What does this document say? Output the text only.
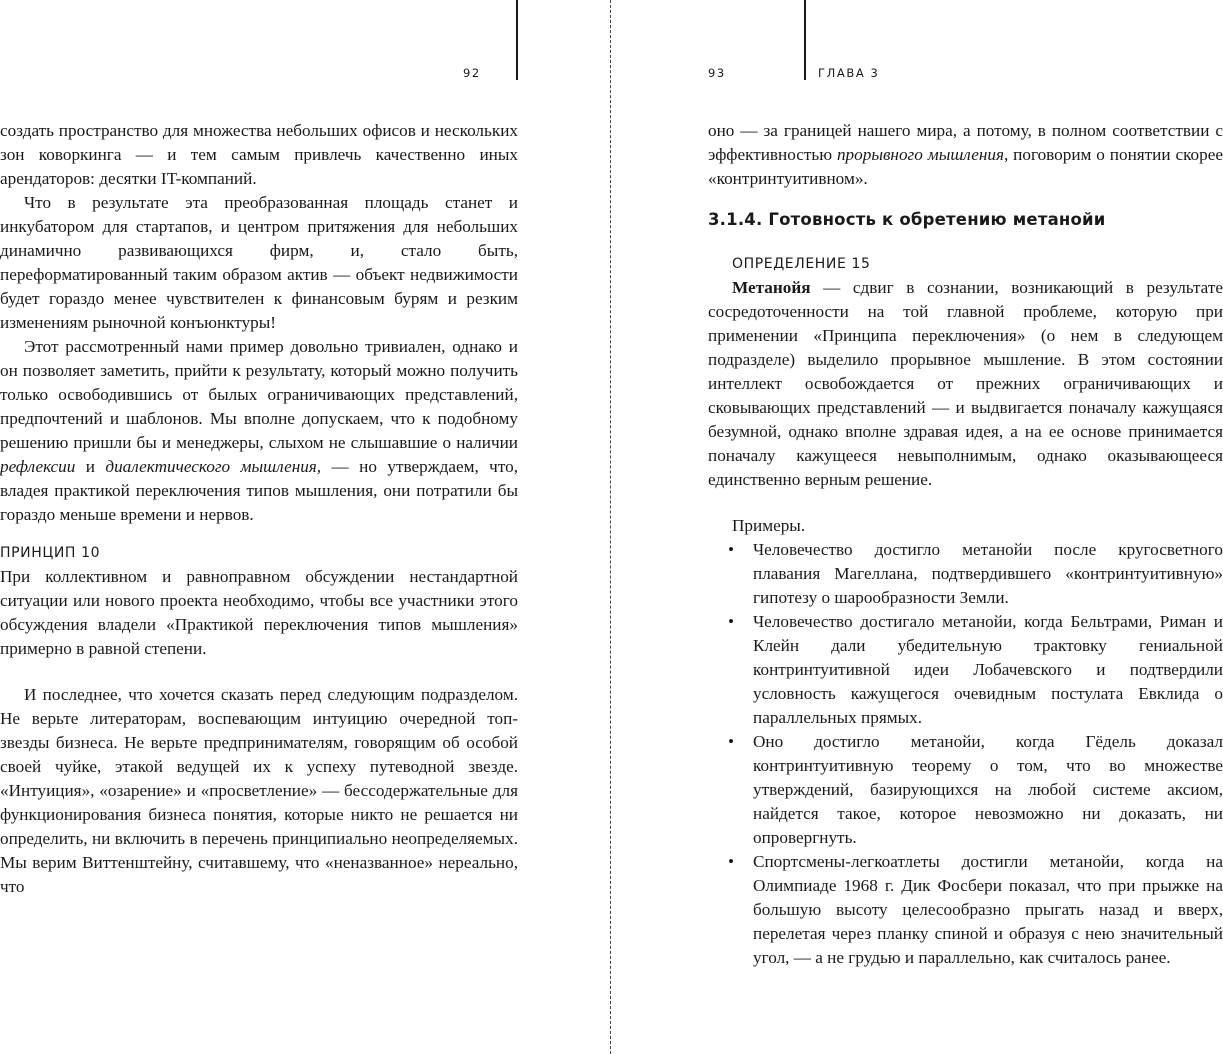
92

создать пространство для множества небольших офисов и нескольких зон коворкинга — и тем самым привлечь качественно иных арендаторов: десятки IT-компаний.

Что в результате эта преобразованная площадь станет и инкубатором для стартапов, и центром притяжения для небольших динамично развивающихся фирм, и, стало быть, переформатированный таким образом актив — объект недвижимости будет гораздо менее чувствителен к финансовым бурям и резким изменениям рыночной конъюнктуры!

Этот рассмотренный нами пример довольно тривиален, однако и он позволяет заметить, прийти к результату, который можно получить только освободившись от былых ограничивающих представлений, предпочтений и шаблонов. Мы вполне допускаем, что к подобному решению пришли бы и менеджеры, слыхом не слышавшие о наличии рефлексии и диалектического мышления, — но утверждаем, что, владея практикой переключения типов мышления, они потратили бы гораздо меньше времени и нервов.

ПРИНЦИП 10

При коллективном и равноправном обсуждении нестандартной ситуации или нового проекта необходимо, чтобы все участники этого обсуждения владели «Практикой переключения типов мышления» примерно в равной степени.

И последнее, что хочется сказать перед следующим подразделом. Не верьте литераторам, воспевающим интуицию очередной топ-звезды бизнеса. Не верьте предпринимателям, говорящим об особой своей чуйке, этакой ведущей их к успеху путеводной звезде. «Интуиция», «озарение» и «просветление» — бессодержательные для функционирования бизнеса понятия, которые никто не решается ни определить, ни включить в перечень принципиально неопределяемых. Мы верим Виттенштейну, считавшему, что «неназванное» нереально, что

93	ГЛАВА 3

оно — за границей нашего мира, а потому, в полном соответствии с эффективностью прорывного мышления, поговорим о понятии скорее «контринтуитивном».

3.1.4. Готовность к обретению метанойи
ОПРЕДЕЛЕНИЕ 15

Метанойя — сдвиг в сознании, возникающий в результате сосредоточенности на той главной проблеме, которую при применении «Принципа переключения» (о нем в следующем подразделе) выделило прорывное мышление. В этом состоянии интеллект освобождается от прежних ограничивающих и сковывающих представлений — и выдвигается поначалу кажущаяся безумной, однако вполне здравая идея, а на ее основе принимается поначалу кажущееся невыполнимым, однако оказывающееся единственно верным решение.

Примеры.

• Человечество достигло метанойи после кругосветного плавания Магеллана, подтвердившего «контринтуитивную» гипотезу о шарообразности Земли.
• Человечество достигало метанойи, когда Бельтрами, Риман и Клейн дали убедительную трактовку гениальной контринтуитивной идеи Лобачевского и подтвердили условность кажущегося очевидным постулата Евклида о параллельных прямых.
• Оно достигло метанойи, когда Гёдель доказал контринтуитивную теорему о том, что во множестве утверждений, базирующихся на любой системе аксиом, найдется такое, которое невозможно ни доказать, ни опровергнуть.
• Спортсмены-легкоатлеты достигли метанойи, когда на Олимпиаде 1968 г. Дик Фосбери показал, что при прыжке на большую высоту целесообразно прыгать назад и вверх, перелетая через планку спиной и образуя с нею значительный угол, — а не грудью и параллельно, как считалось ранее.
